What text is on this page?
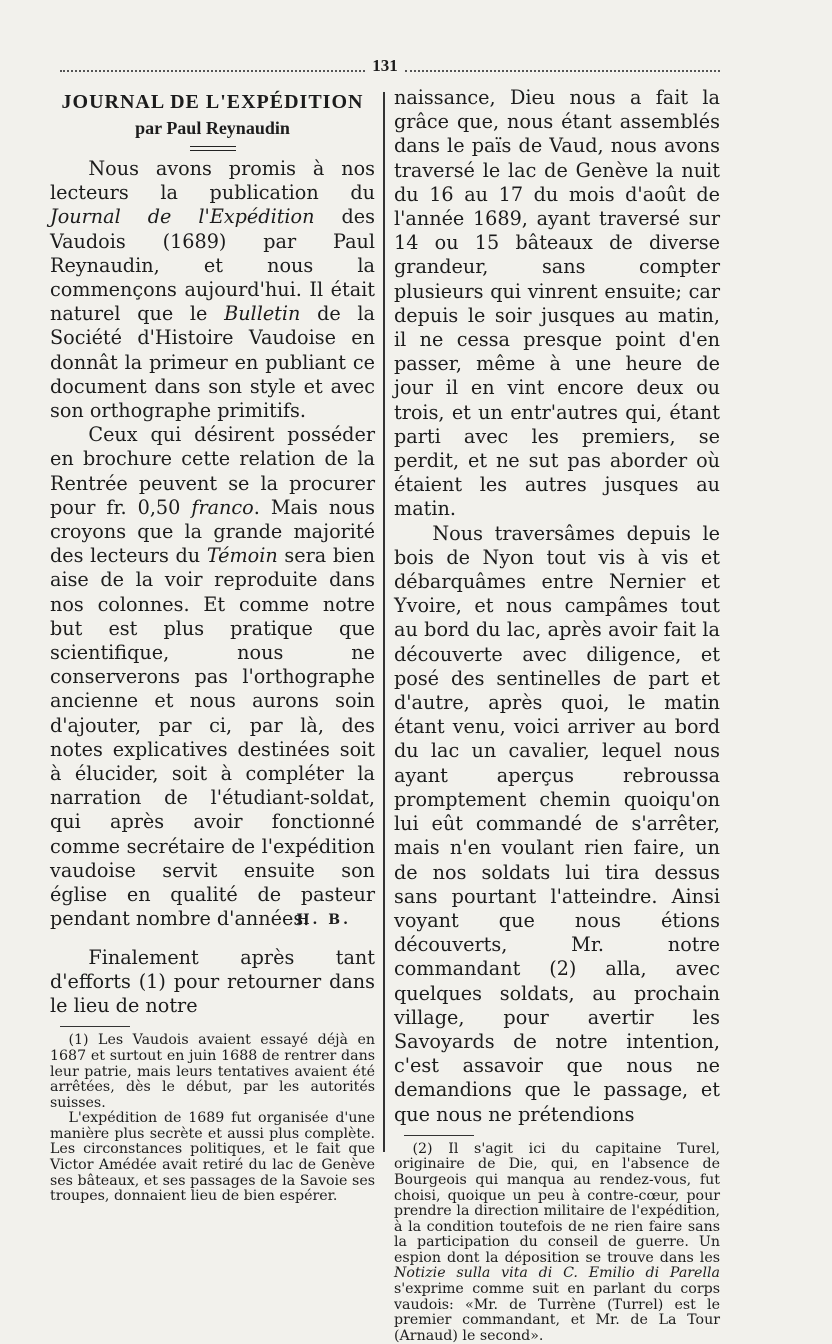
131
JOURNAL DE L'EXPÉDITION
par Paul Reynaudin

Nous avons promis à nos lecteurs la publication du Journal de l'Expédition des Vaudois (1689) par Paul Reynaudin, et nous la commençons aujourd'hui. Il était naturel que le Bulletin de la Société d'Histoire Vaudoise en donnât la primeur en publiant ce document dans son style et avec son orthographe primitifs.

Ceux qui désirent posséder en brochure cette relation de la Rentrée peuvent se la procurer pour fr. 0,50 franco. Mais nous croyons que la grande majorité des lecteurs du Témoin sera bien aise de la voir reproduite dans nos colonnes. Et comme notre but est plus pratique que scientifique, nous ne conserverons pas l'orthographe ancienne et nous aurons soin d'ajouter, par ci, par là, des notes explicatives destinées soit à élucider, soit à compléter la narration de l'étudiant-soldat, qui après avoir fonctionné comme secrétaire de l'expédition vaudoise servit ensuite son église en qualité de pasteur pendant nombre d'années.

H. B.

Finalement après tant d'efforts (1) pour retourner dans le lieu de notre

(1) Les Vaudois avaient essayé déjà en 1687 et surtout en juin 1688 de rentrer dans leur patrie, mais leurs tentatives avaient été arrêtées, dès le début, par les autorités suisses.

L'expédition de 1689 fut organisée d'une manière plus secrète et aussi plus complète. Les circonstances politiques, et le fait que Victor Amédée avait retiré du lac de Genève ses bâteaux, et ses passages de la Savoie ses troupes, donnaient lieu de bien espérer.

naissance, Dieu nous a fait la grâce que, nous étant assemblés dans le païs de Vaud, nous avons traversé le lac de Genève la nuit du 16 au 17 du mois d'août de l'année 1689, ayant traversé sur 14 ou 15 bâteaux de diverse grandeur, sans compter plusieurs qui vinrent ensuite; car depuis le soir jusques au matin, il ne cessa presque point d'en passer, même à une heure de jour il en vint encore deux ou trois, et un entr'autres qui, étant parti avec les premiers, se perdit, et ne sut pas aborder où étaient les autres jusques au matin.

Nous traversâmes depuis le bois de Nyon tout vis à vis et débarquâmes entre Nernier et Yvoire, et nous campâmes tout au bord du lac, après avoir fait la découverte avec diligence, et posé des sentinelles de part et d'autre, après quoi, le matin étant venu, voici arriver au bord du lac un cavalier, lequel nous ayant aperçus rebroussa promptement chemin quoiqu'on lui eût commandé de s'arrêter, mais n'en voulant rien faire, un de nos soldats lui tira dessus sans pourtant l'atteindre. Ainsi voyant que nous étions découverts, Mr. notre commandant (2) alla, avec quelques soldats, au prochain village, pour avertir les Savoyards de notre intention, c'est assavoir que nous ne demandions que le passage, et que nous ne prétendions

(2) Il s'agit ici du capitaine Turel, originaire de Die, qui, en l'absence de Bourgeois qui manqua au rendez-vous, fut choisi, quoique un peu à contre-cœur, pour prendre la direction militaire de l'expédition, à la condition toutefois de ne rien faire sans la participation du conseil de guerre. Un espion dont la déposition se trouve dans les Notizie sulla vita di C. Emilio di Parella s'exprime comme suit en parlant du corps vaudois: «Mr. de Turrène (Turrel) est le premier commandant, et Mr. de La Tour (Arnaud) le second».
